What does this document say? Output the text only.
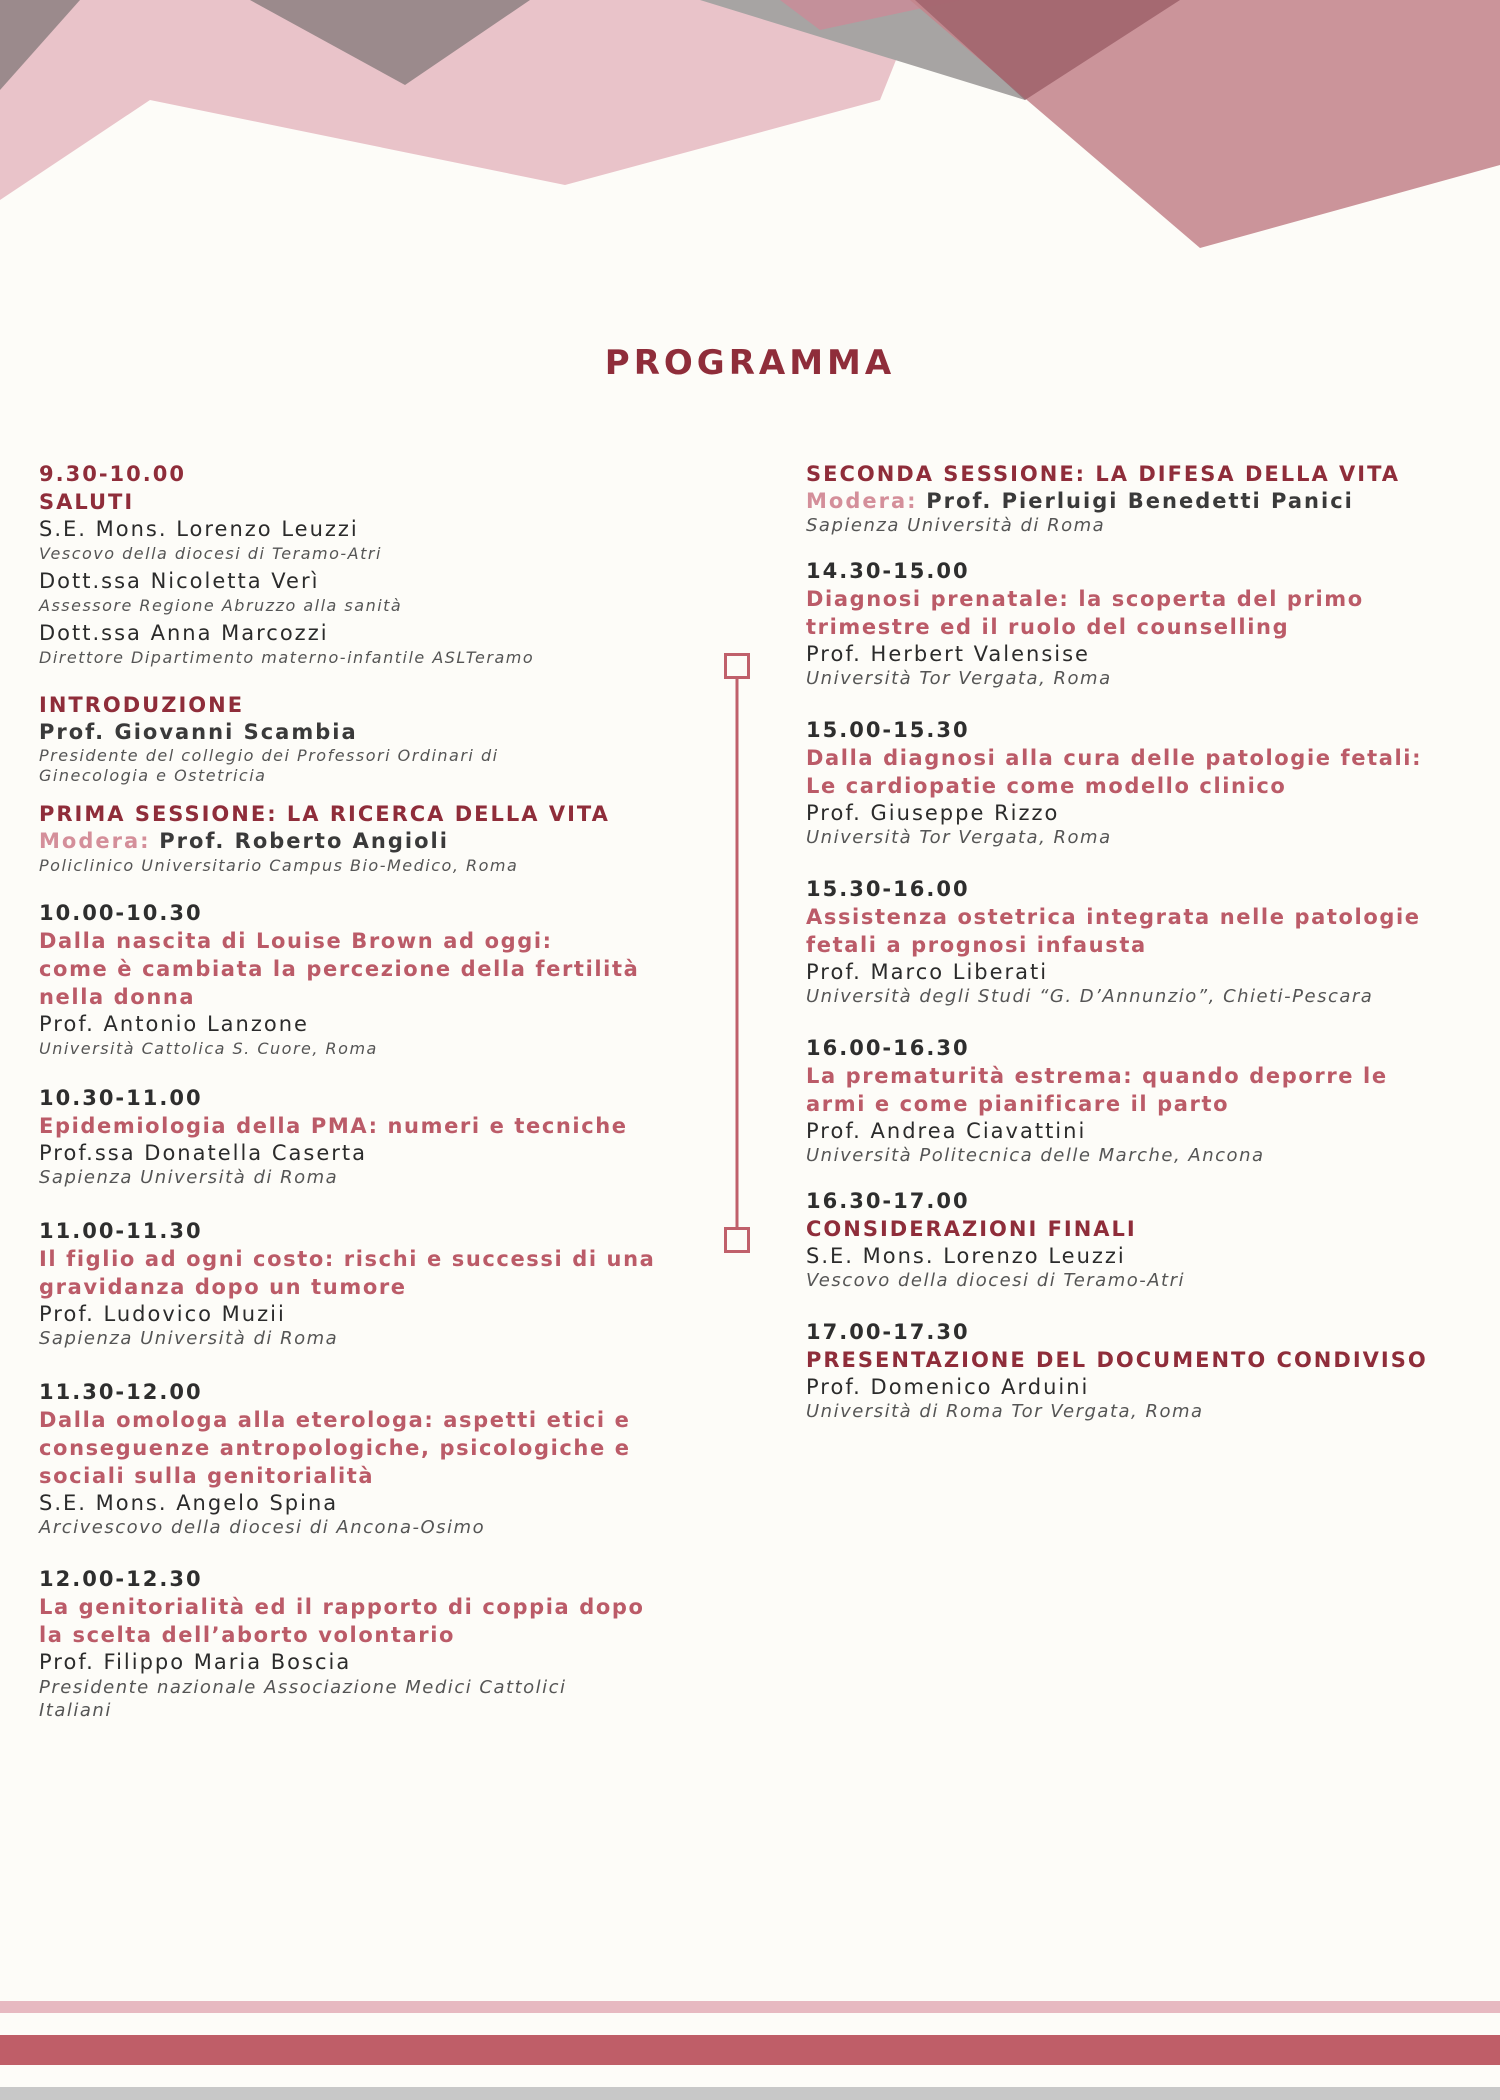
PROGRAMMA
9.30-10.00
SALUTI
S.E. Mons. Lorenzo Leuzzi
Vescovo della diocesi di Teramo-Atri
Dott.ssa Nicoletta Verì
Assessore Regione Abruzzo alla sanità
Dott.ssa Anna Marcozzi
Direttore Dipartimento materno-infantile ASLTeramo
INTRODUZIONE
Prof. Giovanni Scambia
Presidente del collegio dei Professori Ordinari di
Ginecologia e Ostetricia
PRIMA SESSIONE: LA RICERCA DELLA VITA
Modera: Prof. Roberto Angioli
Policlinico Universitario Campus Bio-Medico, Roma
10.00-10.30
Dalla nascita di Louise Brown ad oggi:
come è cambiata la percezione della fertilità
nella donna
Prof. Antonio Lanzone
Università Cattolica S. Cuore, Roma
10.30-11.00
Epidemiologia della PMA: numeri e tecniche
Prof.ssa Donatella Caserta
Sapienza Università di Roma
11.00-11.30
Il figlio ad ogni costo: rischi e successi di una
gravidanza dopo un tumore
Prof. Ludovico Muzii
Sapienza Università di Roma
11.30-12.00
Dalla omologa alla eterologa: aspetti etici e
conseguenze antropologiche, psicologiche e
sociali sulla genitorialità
S.E. Mons. Angelo Spina
Arcivescovo della diocesi di Ancona-Osimo
12.00-12.30
La genitorialità ed il rapporto di coppia dopo
la scelta dell’aborto volontario
Prof. Filippo Maria Boscia
Presidente nazionale Associazione Medici Cattolici
Italiani
SECONDA SESSIONE: LA DIFESA DELLA VITA
Modera: Prof. Pierluigi Benedetti Panici
Sapienza Università di Roma
14.30-15.00
Diagnosi prenatale: la scoperta del primo
trimestre ed il ruolo del counselling
Prof. Herbert Valensise
Università Tor Vergata, Roma
15.00-15.30
Dalla diagnosi alla cura delle patologie fetali:
Le cardiopatie come modello clinico
Prof. Giuseppe Rizzo
Università Tor Vergata, Roma
15.30-16.00
Assistenza ostetrica integrata nelle patologie
fetali a prognosi infausta
Prof. Marco Liberati
Università degli Studi “G. D’Annunzio”, Chieti-Pescara
16.00-16.30
La prematurità estrema: quando deporre le
armi e come pianificare il parto
Prof. Andrea Ciavattini
Università Politecnica delle Marche, Ancona
16.30-17.00
CONSIDERAZIONI FINALI
S.E. Mons. Lorenzo Leuzzi
Vescovo della diocesi di Teramo-Atri
17.00-17.30
PRESENTAZIONE DEL DOCUMENTO CONDIVISO
Prof. Domenico Arduini
Università di Roma Tor Vergata, Roma
